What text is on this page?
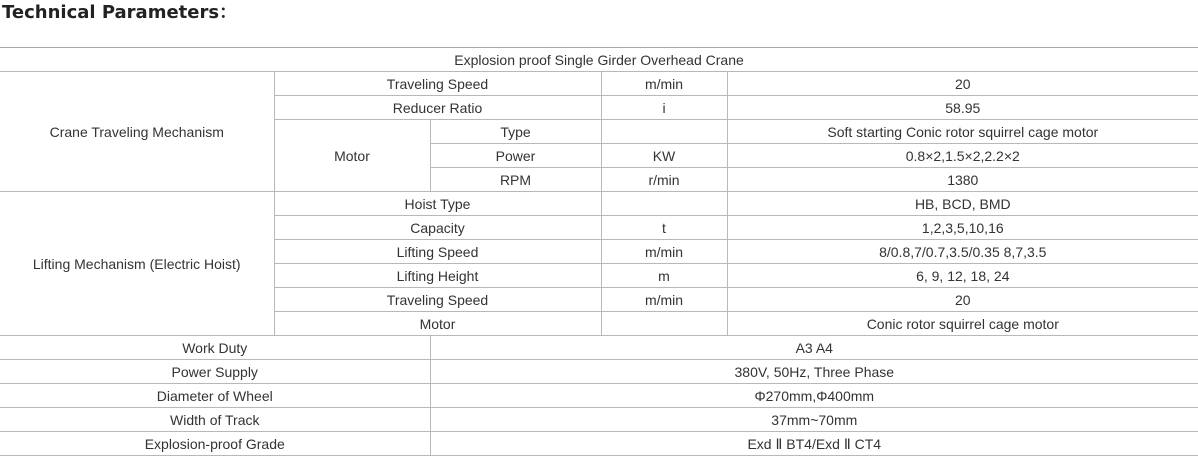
Technical Parameters：
Explosion proof Single Girder Overhead Crane				
Crane Traveling Mechanism	Traveling Speed		m/min	20
	Reducer Ratio		i	58.95
	Motor	Type		Soft starting Conic rotor squirrel cage motor
		Power	KW	0.8×2,1.5×2,2.2×2
		RPM	r/min	1380
Lifting Mechanism (Electric Hoist)	Hoist Type			HB, BCD, BMD
	Capacity		t	1,2,3,5,10,16
	Lifting Speed		m/min	8/0.8,7/0.7,3.5/0.35 8,7,3.5
	Lifting Height		m	6, 9, 12, 18, 24
	Traveling Speed		m/min	20
	Motor			Conic rotor squirrel cage motor
Work Duty		A3 A4		
Power Supply		380V, 50Hz, Three Phase		
Diameter of Wheel		Φ270mm,Φ400mm		
Width of Track		37mm~70mm		
Explosion-proof Grade		Exd Ⅱ BT4/Exd Ⅱ CT4		
